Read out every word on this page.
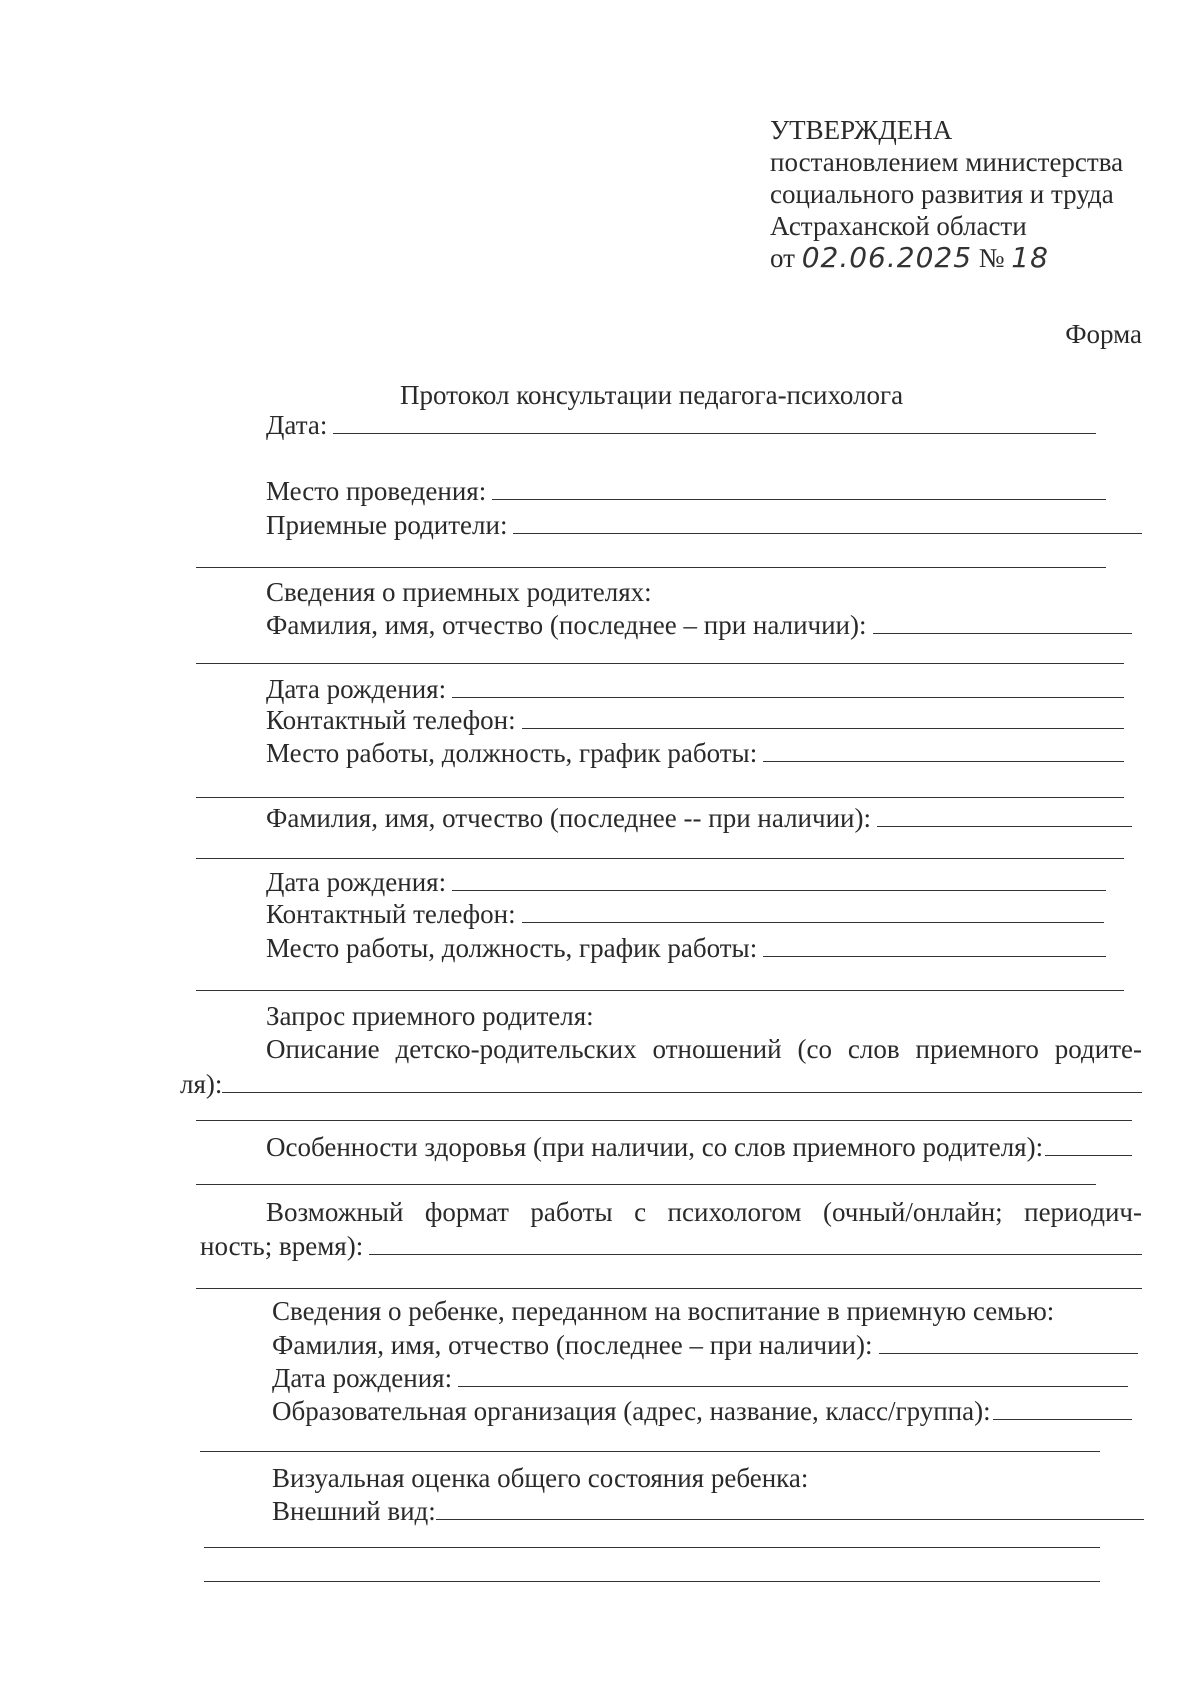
УТВЕРЖДЕНА
постановлением министерства
социального развития и труда
Астраханской области
от 02.06.2025 № 18
Форма
Протокол консультации педагога-психолога
Дата:
Место проведения:
Приемные родители:
Сведения о приемных родителях:
Фамилия, имя, отчество (последнее – при наличии):
Дата рождения:
Контактный телефон:
Место работы, должность, график работы:
Фамилия, имя, отчество (последнее -- при наличии):
Дата рождения:
Контактный телефон:
Место работы, должность, график работы:
Запрос приемного родителя:
Описание детско-родительских отношений (со слов приемного родите-
ля):
Особенности здоровья (при наличии, со слов приемного родителя):
Возможный формат работы с психологом (очный/онлайн; периодич-
ность; время):
Сведения о ребенке, переданном на воспитание в приемную семью:
Фамилия, имя, отчество (последнее – при наличии):
Дата рождения:
Образовательная организация (адрес, название, класс/группа):
Визуальная оценка общего состояния ребенка:
Внешний вид:
